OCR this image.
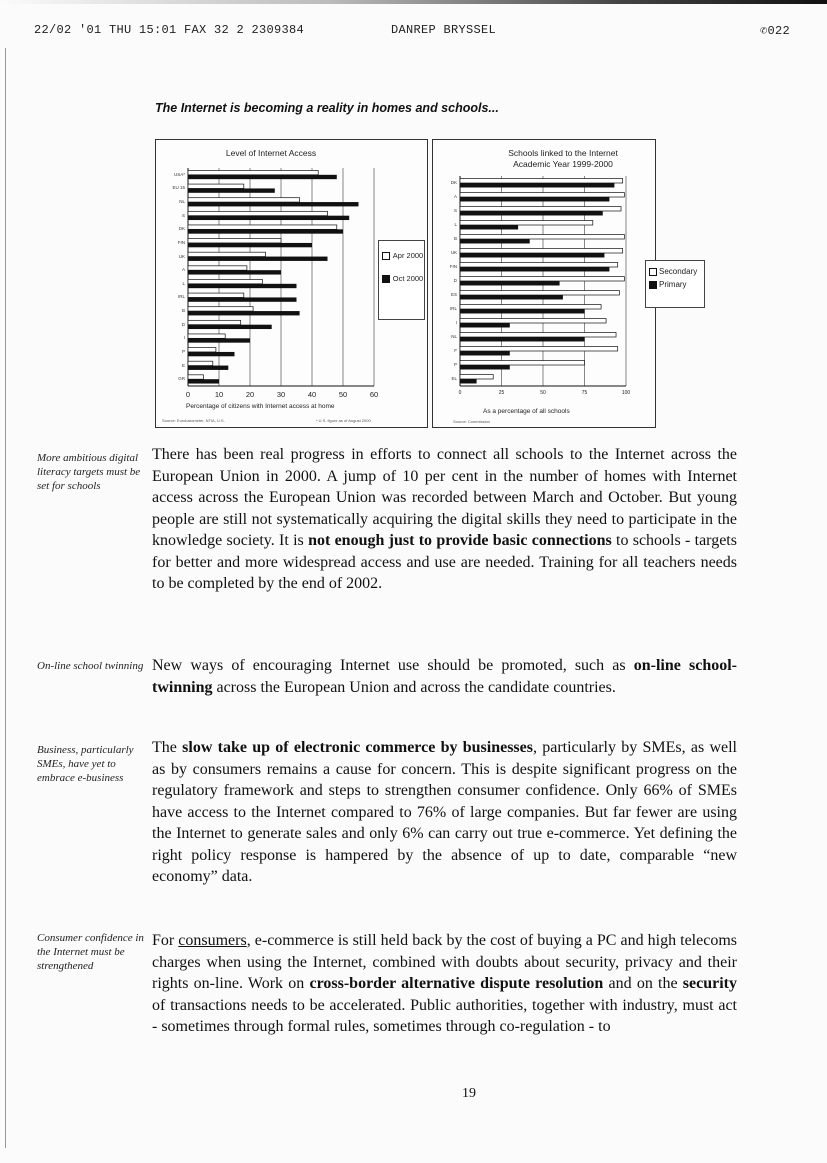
22/02 '01 THU 15:01 FAX 32 2 2309384	DANREP BRYSSEL	✆022
The Internet is becoming a reality in homes and schools...
Level of Internet Access
USA*
EU 15
NL
S
DK
FIN
UK
A
L
IRL
B
D
I
P
E
GR
0	10	20	30	40	50	60
Percentage of citizens with Internet access at home
Source: Eurobarometer, NTIA, U.S.	* U.S. figure as of August 2000
Apr 2000
Oct 2000
Schools linked to the Internet
Academic Year 1999-2000
DK
A
S
L
B
UK
FIN
D
ES
IRL
I
NL
F
P
EL
0	25	50	75	100
As a percentage of all schools
Source: Commission
Secondary
Primary
More ambitious digital literacy targets must be set for schools
There has been real progress in efforts to connect all schools to the Internet across the European Union in 2000. A jump of 10 per cent in the number of homes with Internet access across the European Union was recorded between March and October. But young people are still not systematically acquiring the digital skills they need to participate in the knowledge society. It is not enough just to provide basic connections to schools - targets for better and more widespread access and use are needed. Training for all teachers needs to be completed by the end of 2002.
On-line school twinning New ways of encouraging Internet use should be promoted, such as on-line school-twinning across the European Union and across the candidate countries.
Business, particularly SMEs, have yet to embrace e-business
The slow take up of electronic commerce by businesses, particularly by SMEs, as well as by consumers remains a cause for concern. This is despite significant progress on the regulatory framework and steps to strengthen consumer confidence. Only 66% of SMEs have access to the Internet compared to 76% of large companies. But far fewer are using the Internet to generate sales and only 6% can carry out true e-commerce. Yet defining the right policy response is hampered by the absence of up to date, comparable “new economy” data.
Consumer confidence in the Internet must be strengthened
For consumers, e-commerce is still held back by the cost of buying a PC and high telecoms charges when using the Internet, combined with doubts about security, privacy and their rights on-line. Work on cross-border alternative dispute resolution and on the security of transactions needs to be accelerated. Public authorities, together with industry, must act - sometimes through formal rules, sometimes through co-regulation - to
19
